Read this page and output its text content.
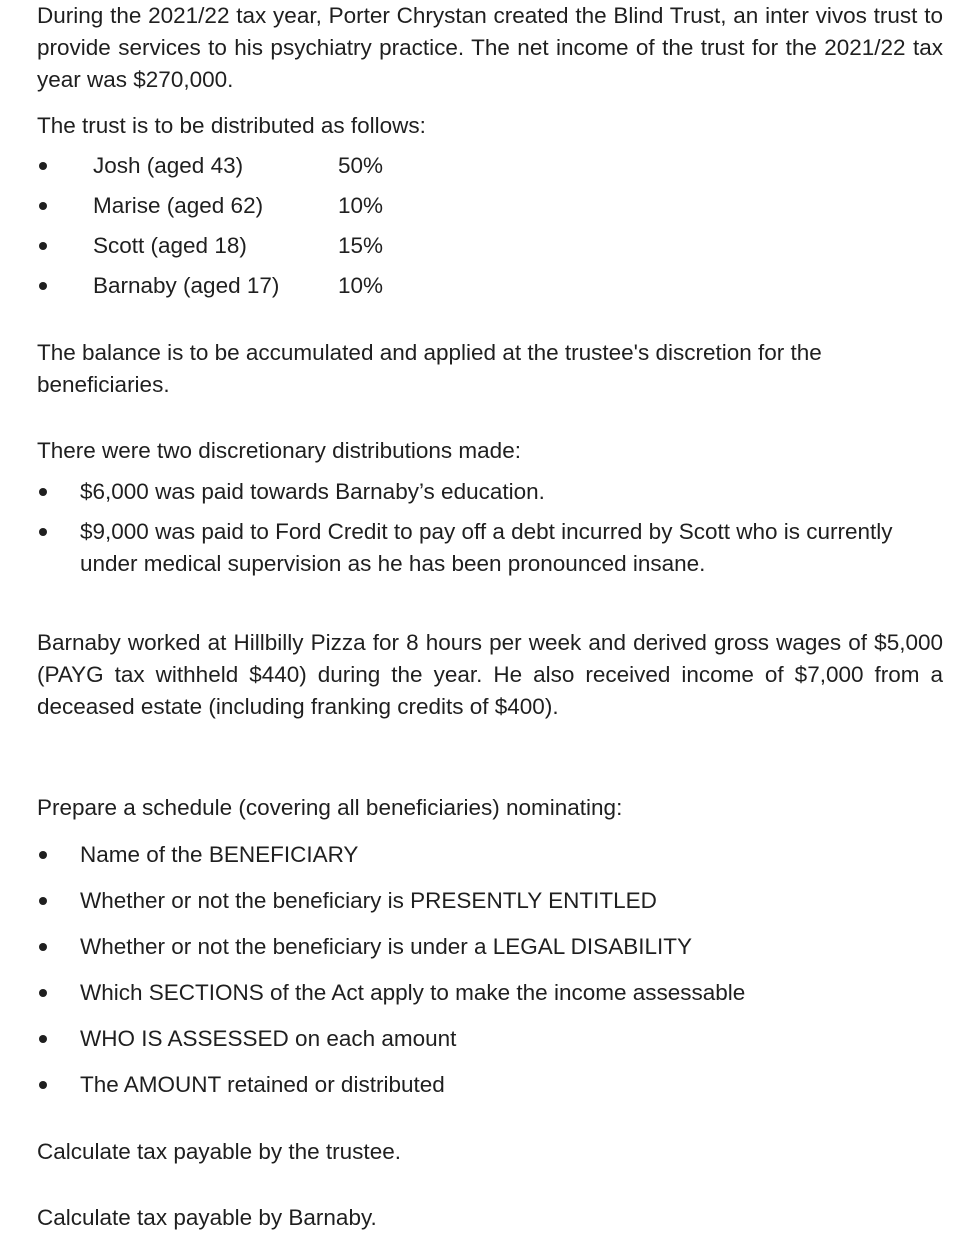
During the 2021/22 tax year, Porter Chrystan created the Blind Trust, an inter vivos trust to provide services to his psychiatry practice. The net income of the trust for the 2021/22 tax year was $270,000.

The trust is to be distributed as follows:

Josh (aged 43)	50%
Marise (aged 62)	10%
Scott (aged 18)	15%
Barnaby (aged 17)	10%

The balance is to be accumulated and applied at the trustee's discretion for the beneficiaries.

There were two discretionary distributions made:

$6,000 was paid towards Barnaby’s education.

$9,000 was paid to Ford Credit to pay off a debt incurred by Scott who is currently under medical supervision as he has been pronounced insane.

Barnaby worked at Hillbilly Pizza for 8 hours per week and derived gross wages of $5,000 (PAYG tax withheld $440) during the year. He also received income of $7,000 from a deceased estate (including franking credits of $400).

Prepare a schedule (covering all beneficiaries) nominating:

Name of the BENEFICIARY

Whether or not the beneficiary is PRESENTLY ENTITLED

Whether or not the beneficiary is under a LEGAL DISABILITY

Which SECTIONS of the Act apply to make the income assessable

WHO IS ASSESSED on each amount

The AMOUNT retained or distributed

Calculate tax payable by the trustee.

Calculate tax payable by Barnaby.
